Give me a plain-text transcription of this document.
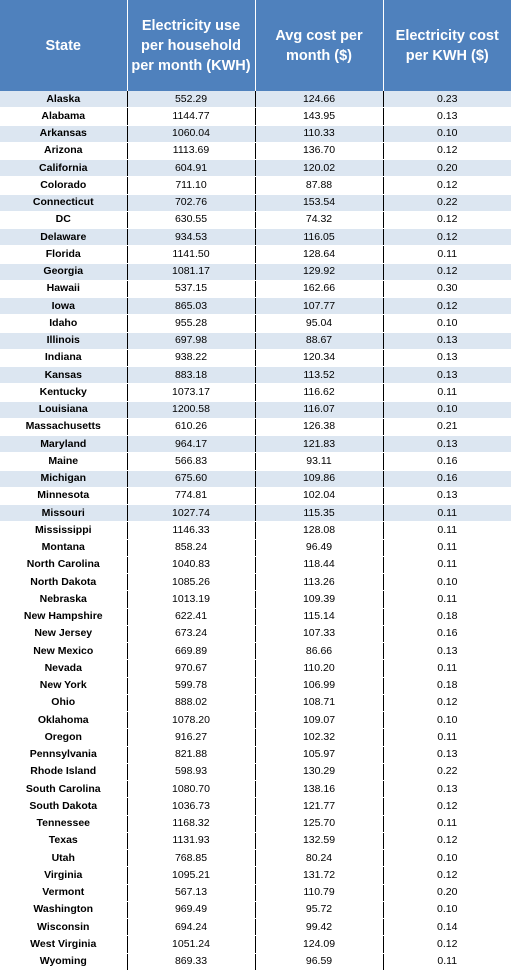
State	Electricity use per household per month (KWH)	Avg cost per month ($)	Electricity cost per KWH ($)
Alaska	552.29	124.66	0.23
Alabama	1144.77	143.95	0.13
Arkansas	1060.04	110.33	0.10
Arizona	1113.69	136.70	0.12
California	604.91	120.02	0.20
Colorado	711.10	87.88	0.12
Connecticut	702.76	153.54	0.22
DC	630.55	74.32	0.12
Delaware	934.53	116.05	0.12
Florida	1141.50	128.64	0.11
Georgia	1081.17	129.92	0.12
Hawaii	537.15	162.66	0.30
Iowa	865.03	107.77	0.12
Idaho	955.28	95.04	0.10
Illinois	697.98	88.67	0.13
Indiana	938.22	120.34	0.13
Kansas	883.18	113.52	0.13
Kentucky	1073.17	116.62	0.11
Louisiana	1200.58	116.07	0.10
Massachusetts	610.26	126.38	0.21
Maryland	964.17	121.83	0.13
Maine	566.83	93.11	0.16
Michigan	675.60	109.86	0.16
Minnesota	774.81	102.04	0.13
Missouri	1027.74	115.35	0.11
Mississippi	1146.33	128.08	0.11
Montana	858.24	96.49	0.11
North Carolina	1040.83	118.44	0.11
North Dakota	1085.26	113.26	0.10
Nebraska	1013.19	109.39	0.11
New Hampshire	622.41	115.14	0.18
New Jersey	673.24	107.33	0.16
New Mexico	669.89	86.66	0.13
Nevada	970.67	110.20	0.11
New York	599.78	106.99	0.18
Ohio	888.02	108.71	0.12
Oklahoma	1078.20	109.07	0.10
Oregon	916.27	102.32	0.11
Pennsylvania	821.88	105.97	0.13
Rhode Island	598.93	130.29	0.22
South Carolina	1080.70	138.16	0.13
South Dakota	1036.73	121.77	0.12
Tennessee	1168.32	125.70	0.11
Texas	1131.93	132.59	0.12
Utah	768.85	80.24	0.10
Virginia	1095.21	131.72	0.12
Vermont	567.13	110.79	0.20
Washington	969.49	95.72	0.10
Wisconsin	694.24	99.42	0.14
West Virginia	1051.24	124.09	0.12
Wyoming	869.33	96.59	0.11
